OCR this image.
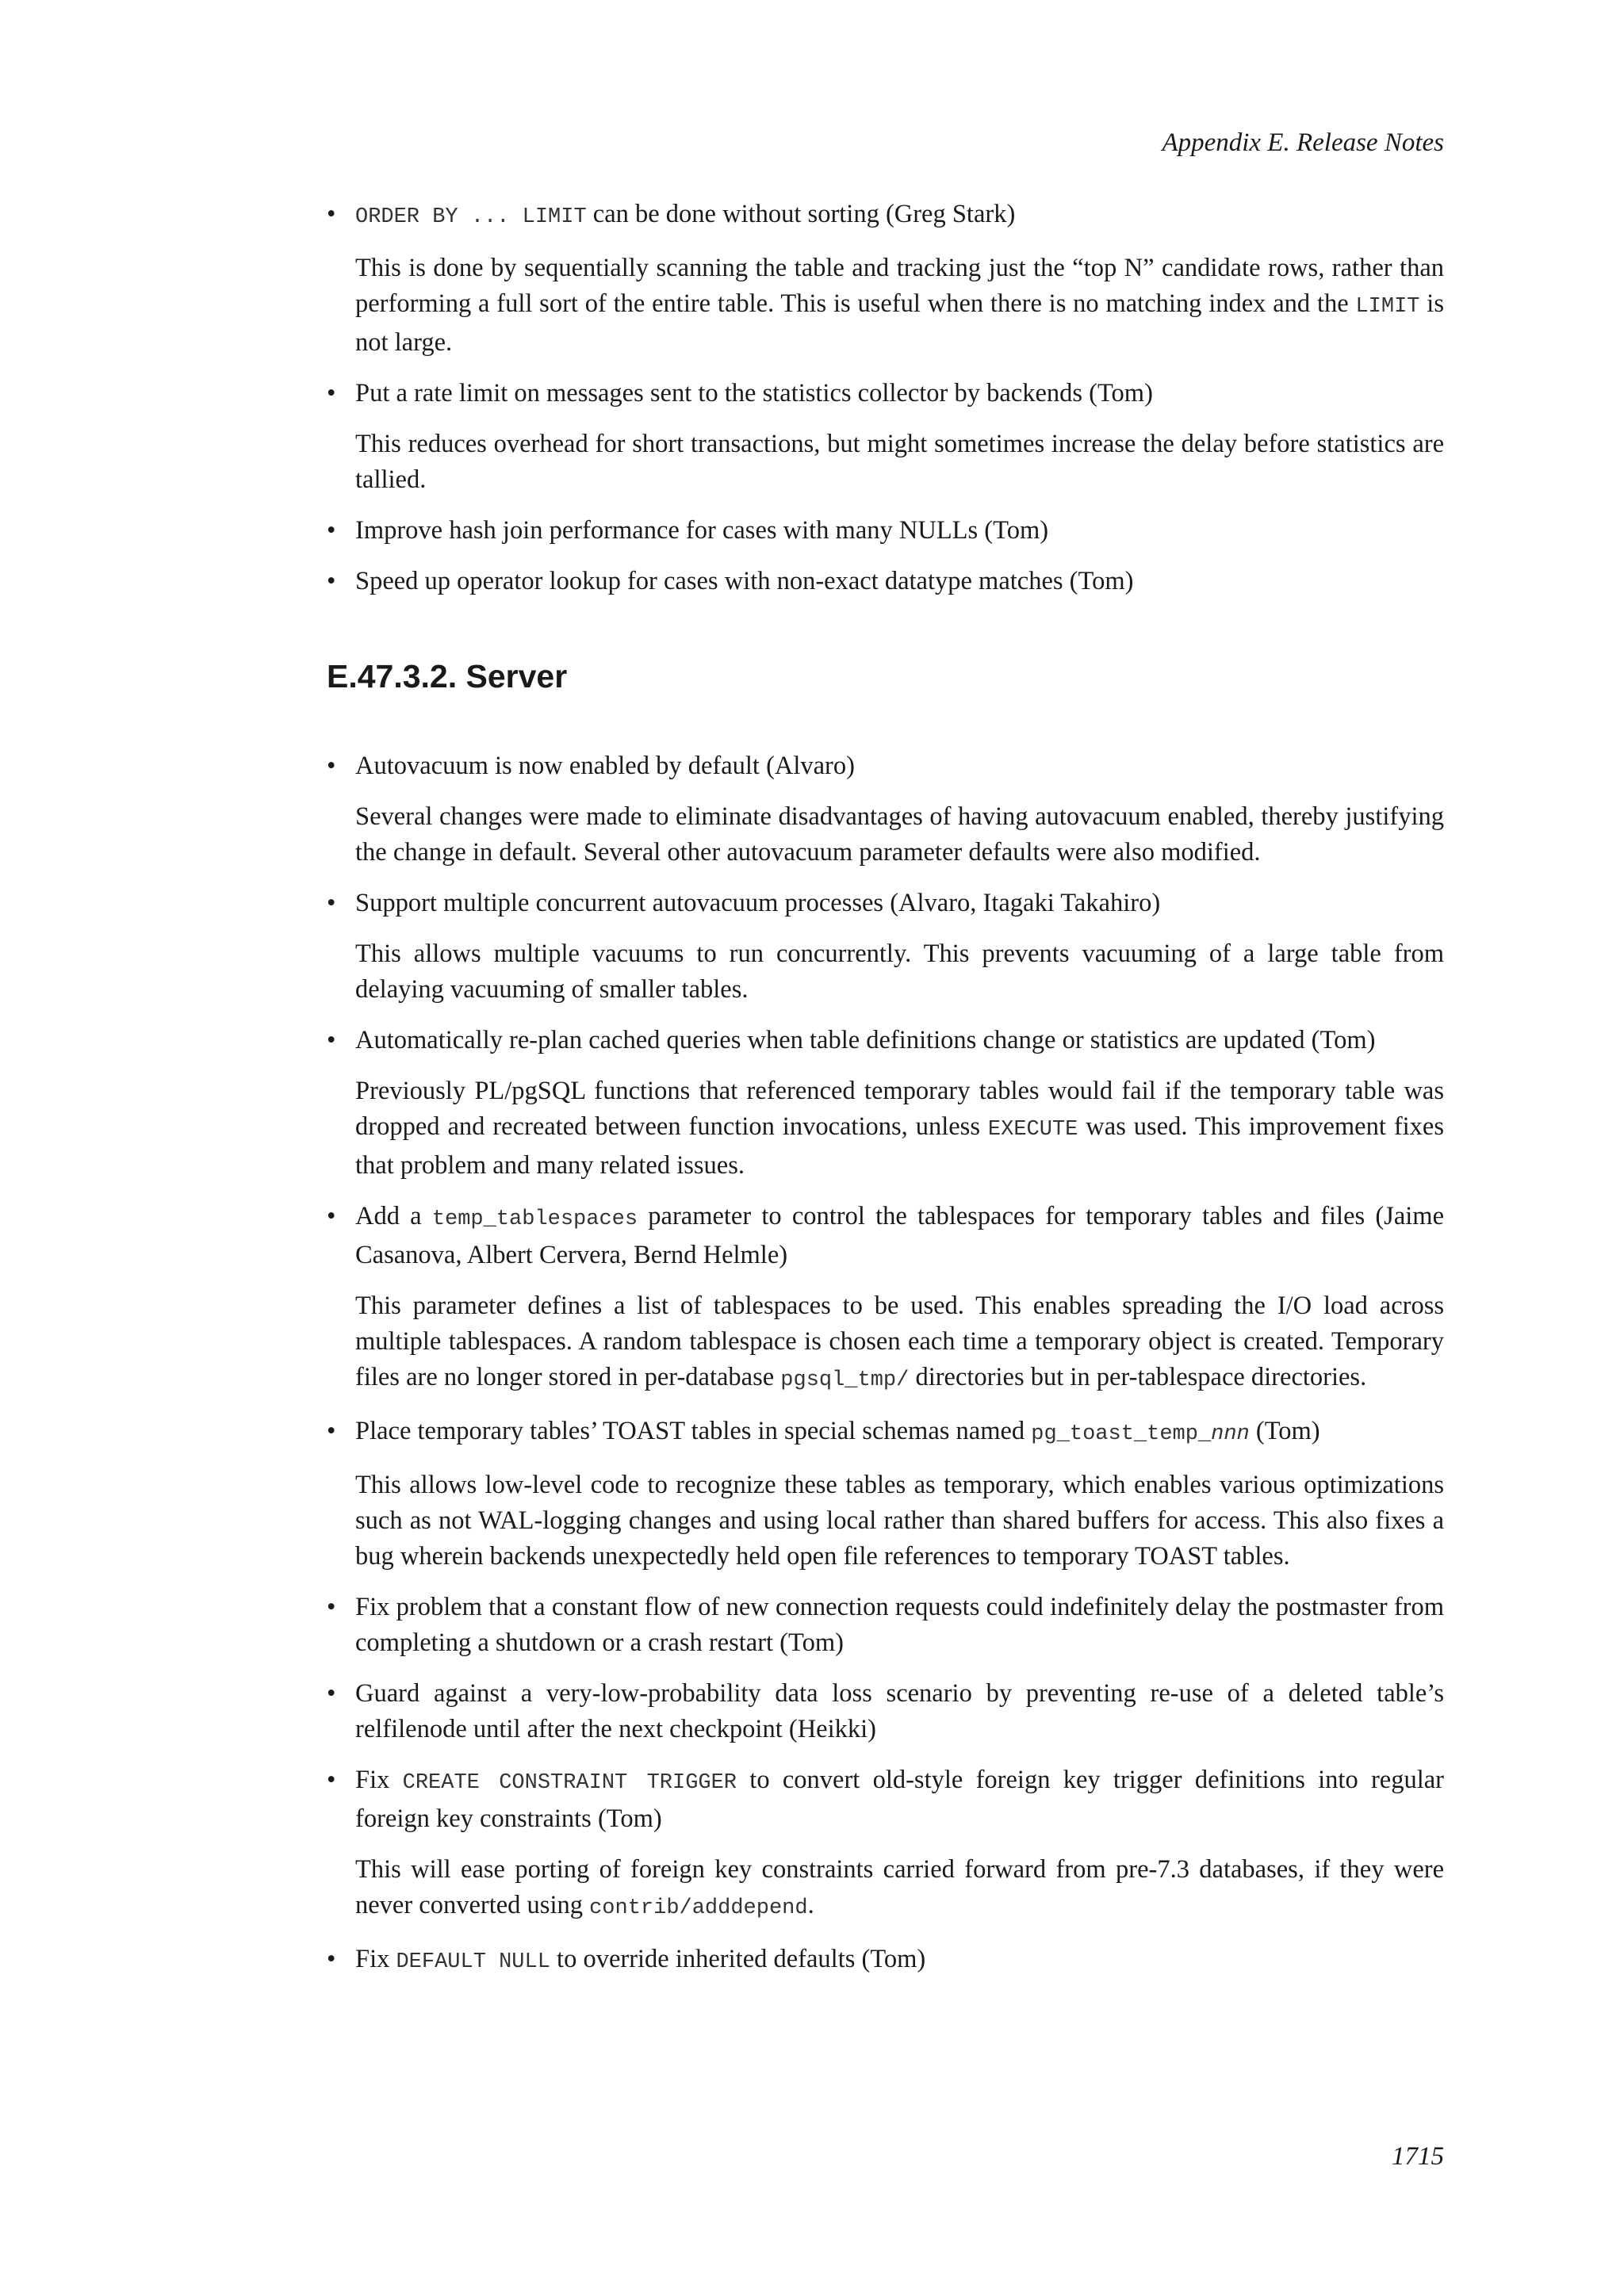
Appendix E. Release Notes
• ORDER BY ... LIMIT can be done without sorting (Greg Stark)
This is done by sequentially scanning the table and tracking just the “top N” candidate rows, rather than performing a full sort of the entire table. This is useful when there is no matching index and the LIMIT is not large.
• Put a rate limit on messages sent to the statistics collector by backends (Tom)
This reduces overhead for short transactions, but might sometimes increase the delay before statistics are tallied.
• Improve hash join performance for cases with many NULLs (Tom)
• Speed up operator lookup for cases with non-exact datatype matches (Tom)
E.47.3.2. Server
• Autovacuum is now enabled by default (Alvaro)
Several changes were made to eliminate disadvantages of having autovacuum enabled, thereby justifying the change in default. Several other autovacuum parameter defaults were also modified.
• Support multiple concurrent autovacuum processes (Alvaro, Itagaki Takahiro)
This allows multiple vacuums to run concurrently. This prevents vacuuming of a large table from delaying vacuuming of smaller tables.
• Automatically re-plan cached queries when table definitions change or statistics are updated (Tom)
Previously PL/pgSQL functions that referenced temporary tables would fail if the temporary table was dropped and recreated between function invocations, unless EXECUTE was used. This improvement fixes that problem and many related issues.
• Add a temp_tablespaces parameter to control the tablespaces for temporary tables and files (Jaime Casanova, Albert Cervera, Bernd Helmle)
This parameter defines a list of tablespaces to be used. This enables spreading the I/O load across multiple tablespaces. A random tablespace is chosen each time a temporary object is created. Temporary files are no longer stored in per-database pgsql_tmp/ directories but in per-tablespace directories.
• Place temporary tables’ TOAST tables in special schemas named pg_toast_temp_nnn (Tom)
This allows low-level code to recognize these tables as temporary, which enables various optimizations such as not WAL-logging changes and using local rather than shared buffers for access. This also fixes a bug wherein backends unexpectedly held open file references to temporary TOAST tables.
• Fix problem that a constant flow of new connection requests could indefinitely delay the postmaster from completing a shutdown or a crash restart (Tom)
• Guard against a very-low-probability data loss scenario by preventing re-use of a deleted table’s relfilenode until after the next checkpoint (Heikki)
• Fix CREATE CONSTRAINT TRIGGER to convert old-style foreign key trigger definitions into regular foreign key constraints (Tom)
This will ease porting of foreign key constraints carried forward from pre-7.3 databases, if they were never converted using contrib/adddepend.
• Fix DEFAULT NULL to override inherited defaults (Tom)
1715
